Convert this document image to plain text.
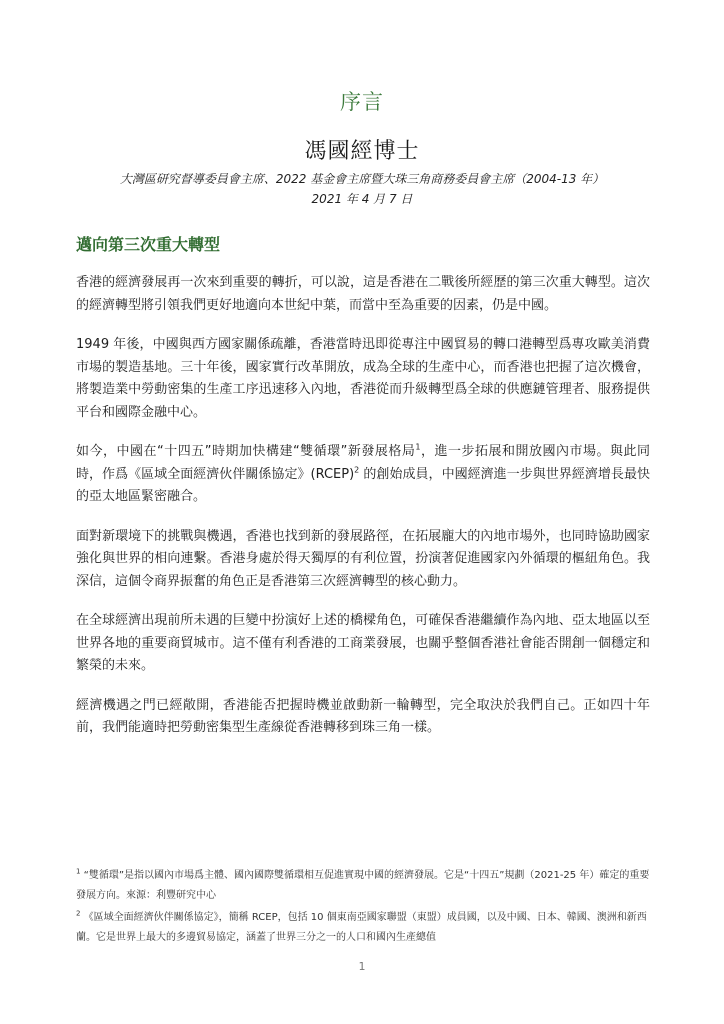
序言
馮國經博士
大灣區研究督導委員會主席、2022 基金會主席暨大珠三角商務委員會主席（2004-13 年）
2021 年 4 月 7 日
邁向第三次重大轉型

香港的經濟發展再一次來到重要的轉折，可以說，這是香港在二戰後所經歷的第三次重大轉型。這次的經濟轉型將引領我們更好地適向本世紀中葉，而當中至為重要的因素，仍是中國。

1949 年後，中國與西方國家關係疏離，香港當時迅即從專注中國貿易的轉口港轉型爲專攻歐美消費市場的製造基地。三十年後，國家實行改革開放，成為全球的生產中心，而香港也把握了這次機會，將製造業中勞動密集的生產工序迅速移入內地，香港從而升級轉型爲全球的供應鏈管理者、服務提供平台和國際金融中心。

如今，中國在“十四五”時期加快構建“雙循環”新發展格局$^1$，進一步拓展和開放國內市場。與此同時，作爲《區域全面經濟伙伴關係協定》(RCEP)$^2$ 的創始成員，中國經濟進一步與世界經濟增長最快的亞太地區緊密融合。

面對新環境下的挑戰與機遇，香港也找到新的發展路徑，在拓展龐大的內地市場外，也同時協助國家強化與世界的相向連繫。香港身處於得天獨厚的有利位置，扮演著促進國家內外循環的樞紐角色。我深信，這個令商界振奮的角色正是香港第三次經濟轉型的核心動力。

在全球經濟出現前所未遇的巨變中扮演好上述的橋樑角色，可確保香港繼續作為內地、亞太地區以至世界各地的重要商貿城市。這不僅有利香港的工商業發展，也關乎整個香港社會能否開創一個穩定和繁榮的未來。

經濟機遇之門已經敞開，香港能否把握時機並啟動新一輪轉型，完全取決於我們自己。正如四十年前，我們能適時把勞動密集型生產線從香港轉移到珠三角一樣。

$^1$ “雙循環”是指以國內市場爲主體、國內國際雙循環相互促進實現中國的經濟發展。它是“十四五”規劃（2021-25 年）確定的重要發展方向。來源：利豐研究中心

$^2$ 《區域全面經濟伙伴關係協定》，簡稱 RCEP，包括 10 個東南亞國家聯盟（東盟）成員國，以及中國、日本、韓國、澳洲和新西蘭。它是世界上最大的多邊貿易協定，涵蓋了世界三分之一的人口和國內生產總值

1
